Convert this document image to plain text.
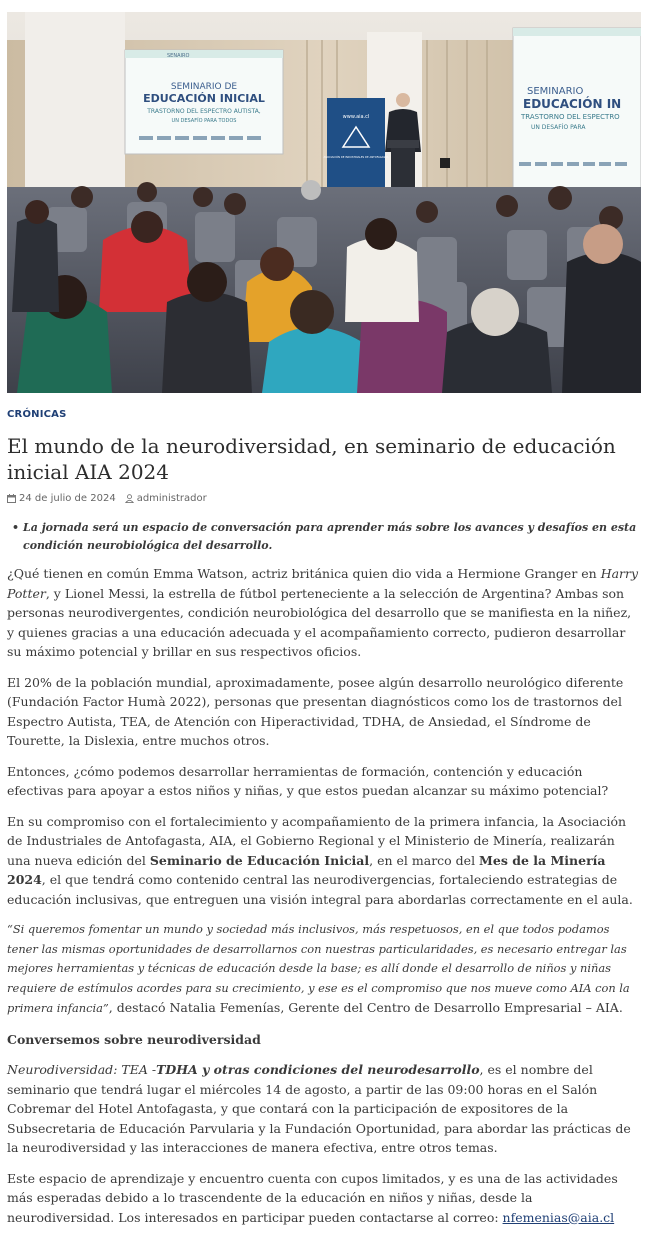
SENAIRO
SEMINARIO DE
EDUCACIÓN INICIAL
TRASTORNO DEL ESPECTRO AUTISTA,
UN DESAFÍO PARA TODOS
SEMINARIO
EDUCACIÓN IN
TRASTORNO DEL ESPECTRO
UN DESAFÍO PARA
www.aia.cl
ASOCIACIÓN DE INDUSTRIALES DE ANTOFAGASTA
CRÓNICAS
El mundo de la neurodiversidad, en seminario de educación inicial AIA 2024
24 de julio de 2024 administrador
• La jornada será un espacio de conversación para aprender más sobre los avances y desafíos en esta condición neurobiológica del desarrollo.

¿Qué tienen en común Emma Watson, actriz británica quien dio vida a Hermione Granger en Harry Potter, y Lionel Messi, la estrella de fútbol perteneciente a la selección de Argentina? Ambas son personas neurodivergentes, condición neurobiológica del desarrollo que se manifiesta en la niñez, y quienes gracias a una educación adecuada y el acompañamiento correcto, pudieron desarrollar su máximo potencial y brillar en sus respectivos oficios.

El 20% de la población mundial, aproximadamente, posee algún desarrollo neurológico diferente (Fundación Factor Humà 2022), personas que presentan diagnósticos como los de trastornos del Espectro Autista, TEA, de Atención con Hiperactividad, TDHA, de Ansiedad, el Síndrome de Tourette, la Dislexia, entre muchos otros.

Entonces, ¿cómo podemos desarrollar herramientas de formación, contención y educación efectivas para apoyar a estos niños y niñas, y que estos puedan alcanzar su máximo potencial?

En su compromiso con el fortalecimiento y acompañamiento de la primera infancia, la Asociación de Industriales de Antofagasta, AIA, el Gobierno Regional y el Ministerio de Minería, realizarán una nueva edición del Seminario de Educación Inicial, en el marco del Mes de la Minería 2024, el que tendrá como contenido central las neurodivergencias, fortaleciendo estrategias de educación inclusivas, que entreguen una visión integral para abordarlas correctamente en el aula.

“Si queremos fomentar un mundo y sociedad más inclusivos, más respetuosos, en el que todos podamos tener las mismas oportunidades de desarrollarnos con nuestras particularidades, es necesario entregar las mejores herramientas y técnicas de educación desde la base; es allí donde el desarrollo de niños y niñas requiere de estímulos acordes para su crecimiento, y ese es el compromiso que nos mueve como AIA con la primera infancia”, destacó Natalia Femenías, Gerente del Centro de Desarrollo Empresarial – AIA.

Conversemos sobre neurodiversidad

Neurodiversidad: TEA -TDHA y otras condiciones del neurodesarrollo, es el nombre del seminario que tendrá lugar el miércoles 14 de agosto, a partir de las 09:00 horas en el Salón Cobremar del Hotel Antofagasta, y que contará con la participación de expositores de la Subsecretaria de Educación Parvularia y la Fundación Oportunidad, para abordar las prácticas de la neurodiversidad y las interacciones de manera efectiva, entre otros temas.

Este espacio de aprendizaje y encuentro cuenta con cupos limitados, y es una de las actividades más esperadas debido a lo trascendente de la educación en niños y niñas, desde la neurodiversidad. Los interesados en participar pueden contactarse al correo: nfemenias@aia.cl
